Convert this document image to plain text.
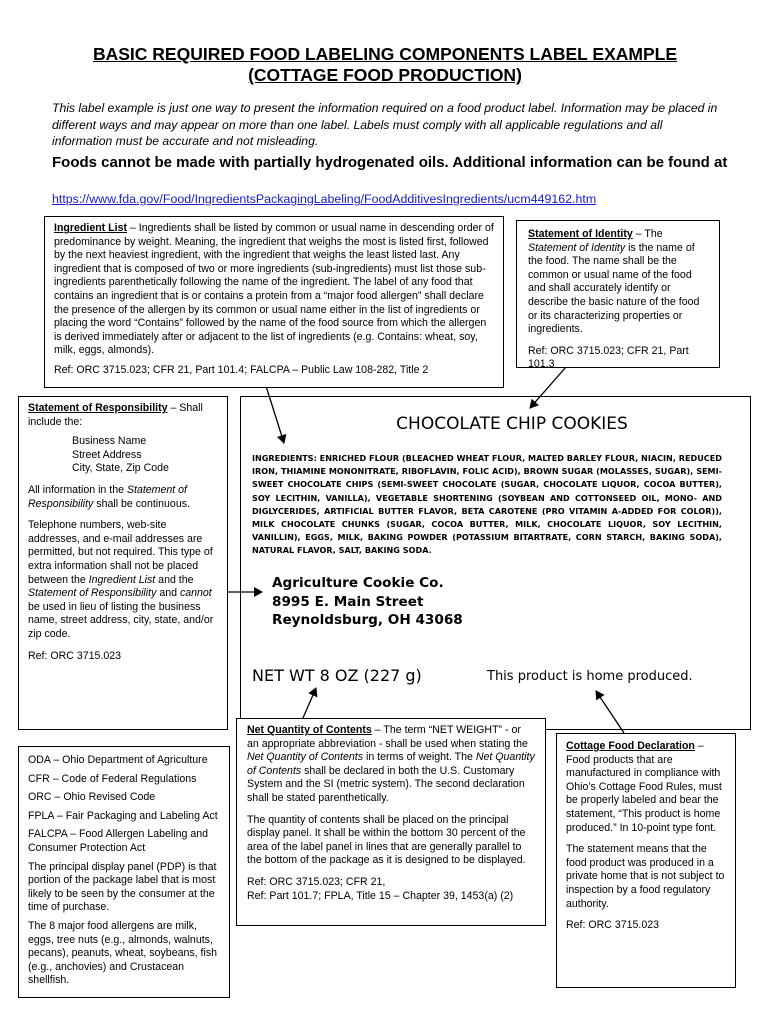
BASIC REQUIRED FOOD LABELING COMPONENTS LABEL EXAMPLE
(COTTAGE FOOD PRODUCTION)
This label example is just one way to present the information required on a food product label. Information may be placed in different ways and may appear on more than one label. Labels must comply with all applicable regulations and all information must be accurate and not misleading.
Foods cannot be made with partially hydrogenated oils. Additional information can be found at
https://www.fda.gov/Food/IngredientsPackagingLabeling/FoodAdditivesIngredients/ucm449162.htm
Ingredient List – Ingredients shall be listed by common or usual name in descending order of predominance by weight. Meaning, the ingredient that weighs the most is listed first, followed by the next heaviest ingredient, with the ingredient that weighs the least listed last. Any ingredient that is composed of two or more ingredients (sub-ingredients) must list those sub-ingredients parenthetically following the name of the ingredient. The label of any food that contains an ingredient that is or contains a protein from a “major food allergen” shall declare the presence of the allergen by its common or usual name either in the list of ingredients or placing the word “Contains” followed by the name of the food source from which the allergen is derived immediately after or adjacent to the list of ingredients (e.g. Contains: wheat, soy, milk, eggs, almonds).
Ref: ORC 3715.023; CFR 21, Part 101.4; FALCPA – Public Law 108-282, Title 2

Statement of Identity – The Statement of Identity is the name of the food. The name shall be the common or usual name of the food and shall accurately identify or describe the basic nature of the food or its characterizing properties or ingredients.

Ref: ORC 3715.023; CFR 21, Part 101.3

Statement of Responsibility – Shall include the:

Business Name
Street Address
City, State, Zip Code

All information in the Statement of Responsibility shall be continuous.

Telephone numbers, web-site addresses, and e-mail addresses are permitted, but not required. This type of extra information shall not be placed between the Ingredient List and the Statement of Responsibility and cannot be used in lieu of listing the business name, street address, city, state, and/or zip code.

Ref: ORC 3715.023
CHOCOLATE CHIP COOKIES
INGREDIENTS: ENRICHED FLOUR (BLEACHED WHEAT FLOUR, MALTED BARLEY FLOUR, NIACIN, REDUCED IRON, THIAMINE MONONITRATE, RIBOFLAVIN, FOLIC ACID), BROWN SUGAR (MOLASSES, SUGAR), SEMI-SWEET CHOCOLATE CHIPS (SEMI-SWEET CHOCOLATE (SUGAR, CHOCOLATE LIQUOR, COCOA BUTTER), SOY LECITHIN, VANILLA), VEGETABLE SHORTENING (SOYBEAN AND COTTONSEED OIL, MONO- AND DIGLYCERIDES, ARTIFICIAL BUTTER FLAVOR, BETA CAROTENE (PRO VITAMIN A-ADDED FOR COLOR)), MILK CHOCOLATE CHUNKS (SUGAR, COCOA BUTTER, MILK, CHOCOLATE LIQUOR, SOY LECITHIN, VANILLIN), EGGS, MILK, BAKING POWDER (POTASSIUM BITARTRATE, CORN STARCH, BAKING SODA), NATURAL FLAVOR, SALT, BAKING SODA.
Agriculture Cookie Co.
8995 E. Main Street
Reynoldsburg, OH 43068
NET WT 8 OZ (227 g)	This product is home produced.

ODA – Ohio Department of Agriculture

CFR – Code of Federal Regulations

ORC – Ohio Revised Code

FPLA – Fair Packaging and Labeling Act

FALCPA – Food Allergen Labeling and Consumer Protection Act

The principal display panel (PDP) is that portion of the package label that is most likely to be seen by the consumer at the time of purchase.

The 8 major food allergens are milk, eggs, tree nuts (e.g., almonds, walnuts, pecans), peanuts, wheat, soybeans, fish (e.g., anchovies) and Crustacean shellfish.

Net Quantity of Contents – The term “NET WEIGHT” - or an appropriate abbreviation - shall be used when stating the Net Quantity of Contents in terms of weight. The Net Quantity of Contents shall be declared in both the U.S. Customary System and the SI (metric system). The second declaration shall be stated parenthetically.

The quantity of contents shall be placed on the principal display panel. It shall be within the bottom 30 percent of the area of the label panel in lines that are generally parallel to the bottom of the package as it is designed to be displayed.

Ref: ORC 3715.023; CFR 21,
Ref: Part 101.7; FPLA, Title 15 – Chapter 39, 1453(a) (2)
Cottage Food Declaration –

Food products that are manufactured in compliance with Ohio’s Cottage Food Rules, must be properly labeled and bear the statement, “This product is home produced.” In 10-point type font.

The statement means that the food product was produced in a private home that is not subject to inspection by a food regulatory authority.

Ref: ORC 3715.023
